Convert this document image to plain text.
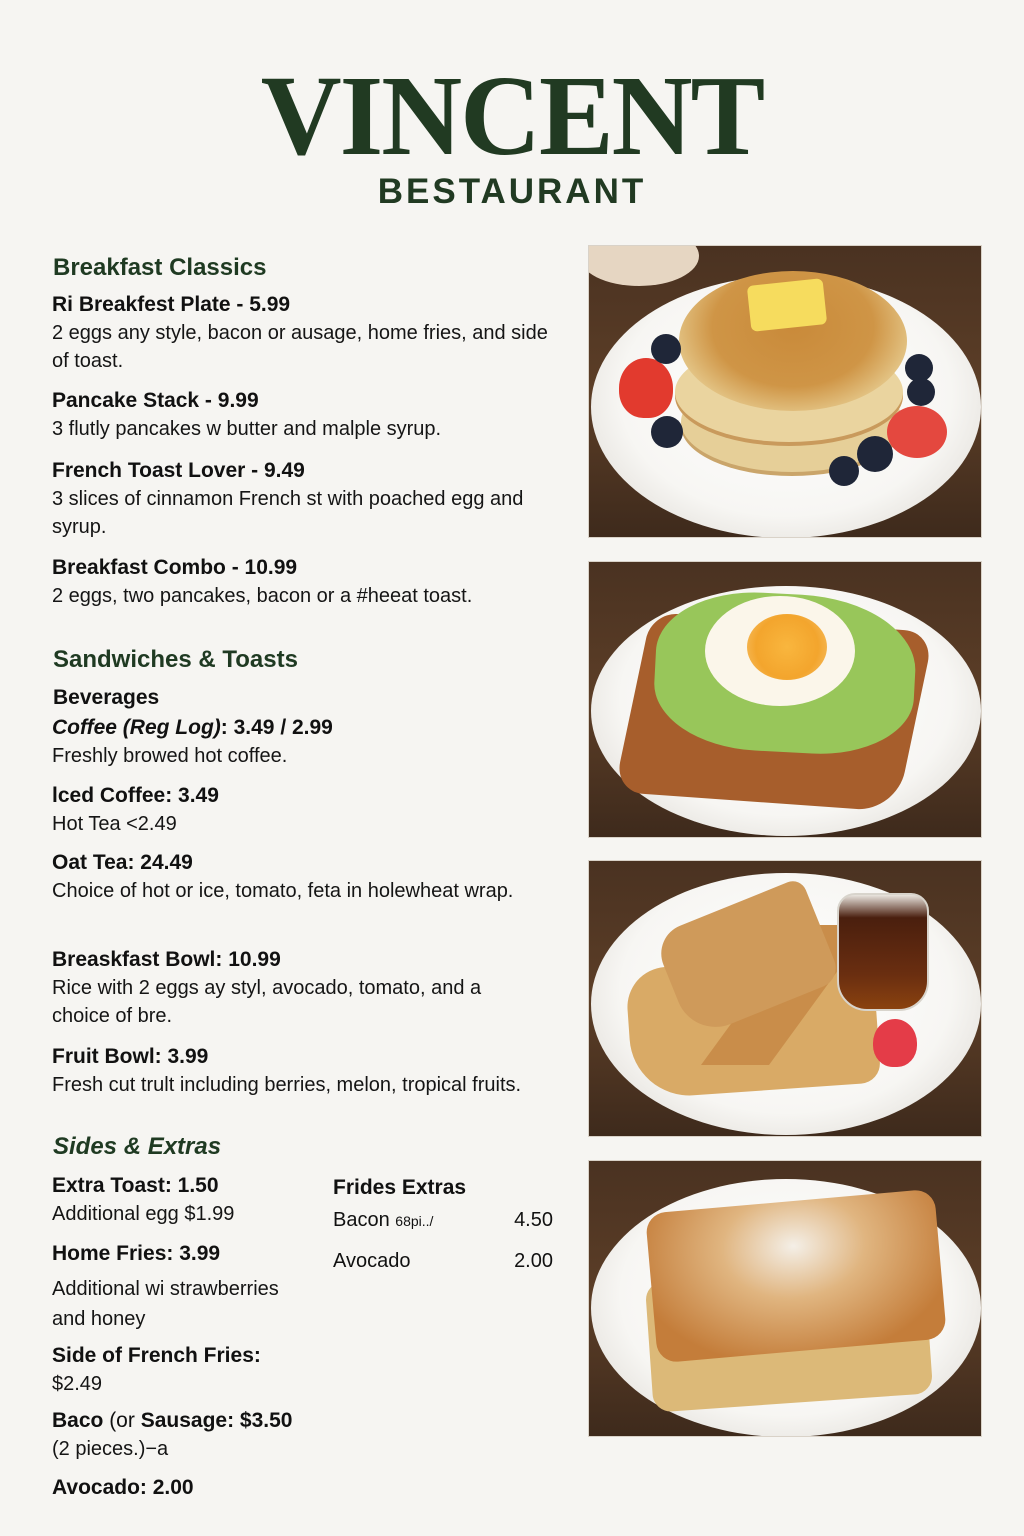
VINCENT
BESTAURANT
Breakfast Classics
Ri Breakfest Plate - 5.99
2 eggs any style, bacon or ausage, home fries, and side of toast.
Pancake Stack - 9.99
3 flutly pancakes w butter and malple syrup.
French Toast Lover - 9.49
3 slices of cinnamon French st with poached egg and syrup.
Breakfast Combo - 10.99
2 eggs, two pancakes, bacon or a #heeat toast.
Sandwiches & Toasts
Beverages
Coffee (Reg Log): 3.49 / 2.99
Freshly browed hot coffee.
lced Coffee: 3.49
Hot Tea <2.49
Oat Tea: 24.49
Choice of hot or ice, tomato, feta in holewheat wrap.
Breaskfast Bowl: 10.99
Rice with 2 eggs ay styl, avocado, tomato, and a choice of bre.
Fruit Bowl: 3.99
Fresh cut trult including berries, melon, tropical fruits.
Sides & Extras
Extra Toast: 1.50
Additional egg $1.99
Home Fries: 3.99
Additional wi strawberries and honey
Side of French Fries:
$2.49
Baco (or Sausage: $3.50
(2 pieces.)−a
Avocado: 2.00
Frides Extras
Bacon 68pi../	4.50
Avocado	2.00
